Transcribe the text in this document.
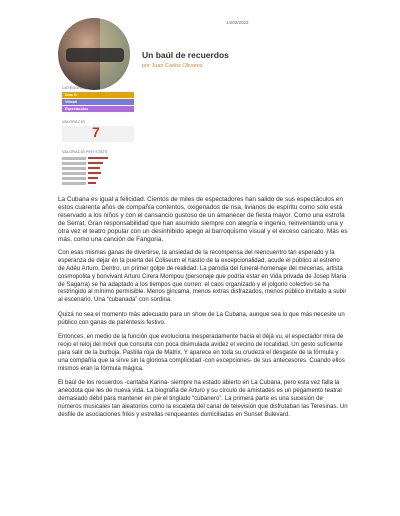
14/02/2022
Un baúl de recuerdos
por Juan Carlos Olivares
CATEGORÍAS
Drac D
Vittoall
Espectáculos
VALORACIÓ
7
VALORACIÓ PER STATS

La Cubana es igual a felicidad. Cientos de miles de espectadores han salido de sus espectáculos en estos cuarenta años de compañía contentos, oxigenados de risa, livianos de espíritu como sólo está reservado a los niños y con el cansancio gustoso de un amanecer de fiesta mayor. Como una estrofa de Serrat. Gran responsabilidad que han asumido siempre con alegría e ingenio, reinventando una y otra vez el teatro popular con un desinhibido apego al barroquismo visual y el exceso caricato. Más es más, como una canción de Fangoria.

Con esas mismas ganas de divertirse, la ansiedad de la recompensa del reencuentro tan esperado y la esperanza de dejar en la puerta del Coliseum el hastío de la excepcionalidad, acude el público al estreno de Adéu Arturo. Dentro, un primer golpe de realidad. La parodia del funeral-homenaje del mecenas, artista cosmopolita y bonvivant Arturo Cirera Mompou (personaje que podría estar en Vida privada de Josep Maria de Sagarra) se ha adaptado a los tiempos que corren: el caos organizado y el jolgorio colectivo se ha restringido al mínimo permisible. Menos gincama, menos extras disfrazados, menos público invitado a subir al escenario. Una “cubanada” con sordina.

Quizá no sea el momento más adecuado para un show de La Cubana, aunque sea lo que más necesite un público con ganas de paréntesis festivo.

Entonces, en medio de la función que evoluciona inesperadamente hacia el déjà vu, el espectador mira de reojo el reloj del móvil que consulta con poca disimulada avidez el vecino de localidad. Un gesto suficiente para salir de la burbuja. Pastilla roja de Matrix. Y aparece en toda su crudeza el desgaste de la fórmula y una compañía que la sirve sin la gloriosa complicidad -con excepciones- de sus antecesores. Cuando ellos mismos eran la fórmula mágica.

El baúl de los recuerdos -cantaba Karina- siempre ha estado abierto en La Cubana, pero esta vez falla la anécdota que les de nueva vida. La biografía de Arturo y su círculo de amistades es un pegamento teatral demasiado débil para mantener en pie el tinglado “cubanero”. La primera parte es una sucesión de números musicales tan aleatorios como la escaleta del canal de televisión que disfrutaban las Teresinas. Un desfile de asociaciones frikis y estrellas renqueantes domiciliadas en Sunset Bulevard.
